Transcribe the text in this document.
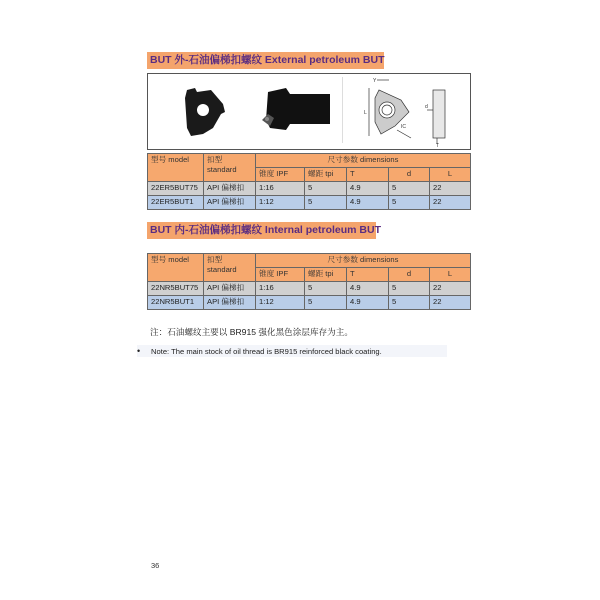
BUT 外-石油偏梯扣螺纹 External petroleum BUT
Y
L
IC
d
T
型号 model	扣型
standard	尺寸参数 dimensions				
		锥度 IPF	螺距 tpi	T	d	L
22ER5BUT75	API 偏梯扣	1:16	5	4.9	5	22
22ER5BUT1	API 偏梯扣	1:12	5	4.9	5	22
BUT 内-石油偏梯扣螺纹 Internal petroleum BUT
型号 model	扣型
standard	尺寸参数 dimensions				
		锥度 IPF	螺距 tpi	T	d	L
22NR5BUT75	API 偏梯扣	1:16	5	4.9	5	22
22NR5BUT1	API 偏梯扣	1:12	5	4.9	5	22
注：石油螺纹主要以 BR915 强化黑色涂层库存为主。
• Note: The main stock of oil thread is BR915 reinforced black coating.
36
